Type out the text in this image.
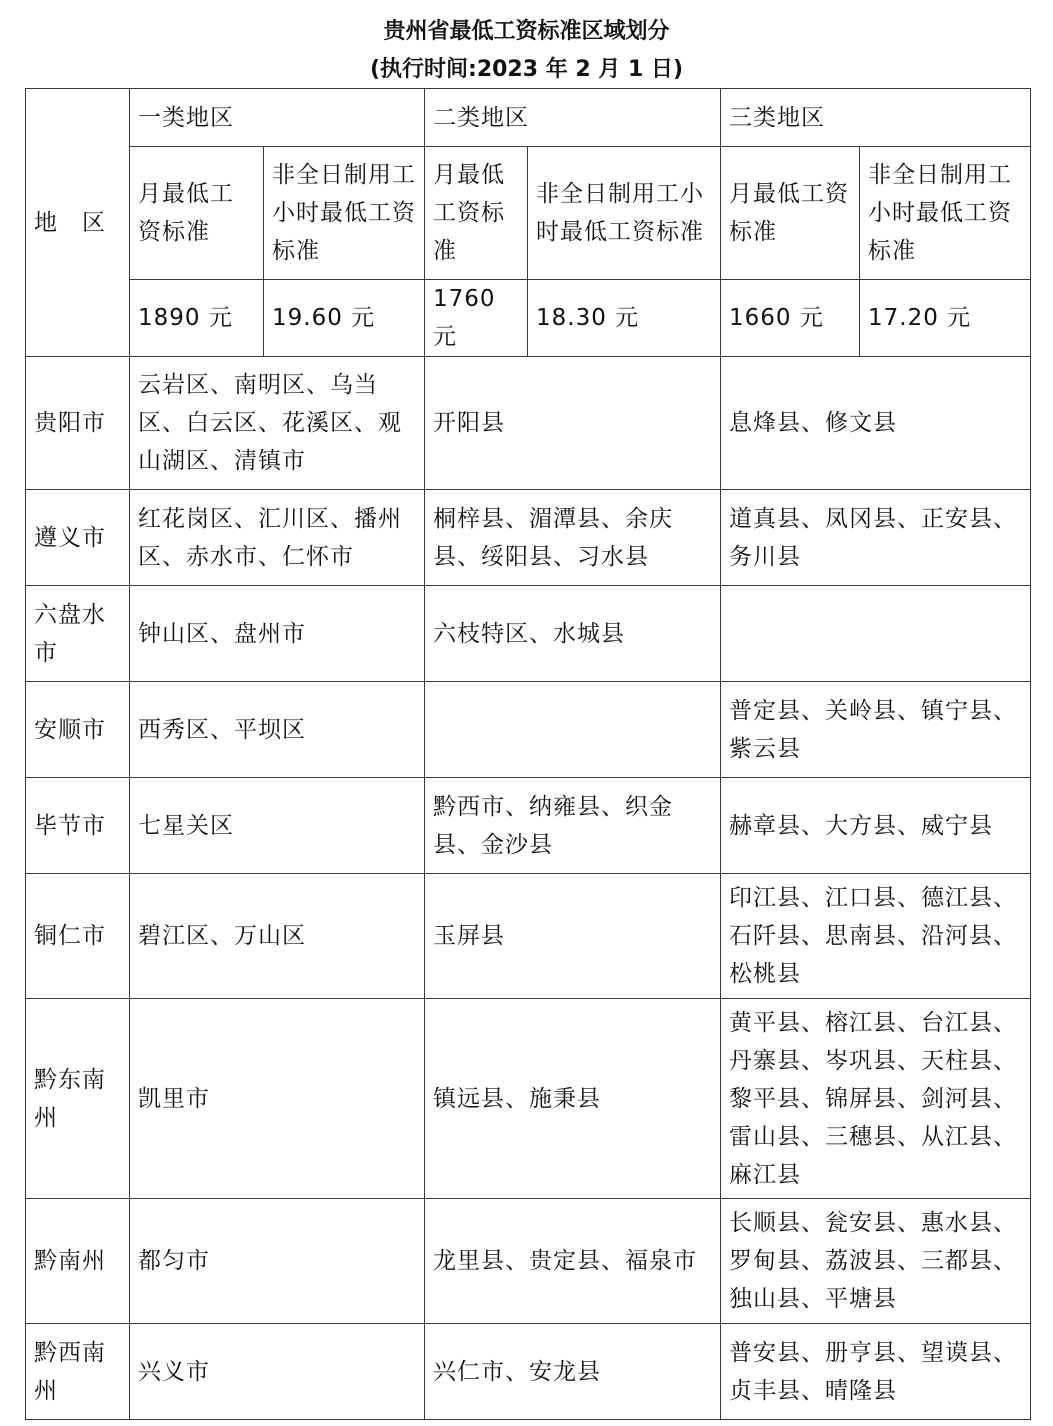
贵州省最低工资标准区域划分
(执行时间:2023 年 2 月 1 日)
地　区	一类地区		二类地区		三类地区	
	月最低工资标准	非全日制用工小时最低工资标准	月最低工资标准	非全日制用工小时最低工资标准	月最低工资标准	非全日制用工小时最低工资标准
	1890 元	19.60 元	1760 元	18.30 元	1660 元	17.20 元
贵阳市	云岩区、南明区、乌当区、白云区、花溪区、观山湖区、清镇市		开阳县		息烽县、修文县	
遵义市	红花岗区、汇川区、播州区、赤水市、仁怀市		桐梓县、湄潭县、余庆县、绥阳县、习水县		道真县、凤冈县、正安县、务川县	
六盘水市	钟山区、盘州市		六枝特区、水城县			
安顺市	西秀区、平坝区				普定县、关岭县、镇宁县、紫云县	
毕节市	七星关区		黔西市、纳雍县、织金县、金沙县		赫章县、大方县、威宁县	
铜仁市	碧江区、万山区		玉屏县		印江县、江口县、德江县、石阡县、思南县、沿河县、松桃县	
黔东南州	凯里市		镇远县、施秉县		黄平县、榕江县、台江县、丹寨县、岑巩县、天柱县、黎平县、锦屏县、剑河县、雷山县、三穗县、从江县、麻江县	
黔南州	都匀市		龙里县、贵定县、福泉市		长顺县、瓮安县、惠水县、罗甸县、荔波县、三都县、独山县、平塘县	
黔西南州	兴义市		兴仁市、安龙县		普安县、册亨县、望谟县、贞丰县、晴隆县	
